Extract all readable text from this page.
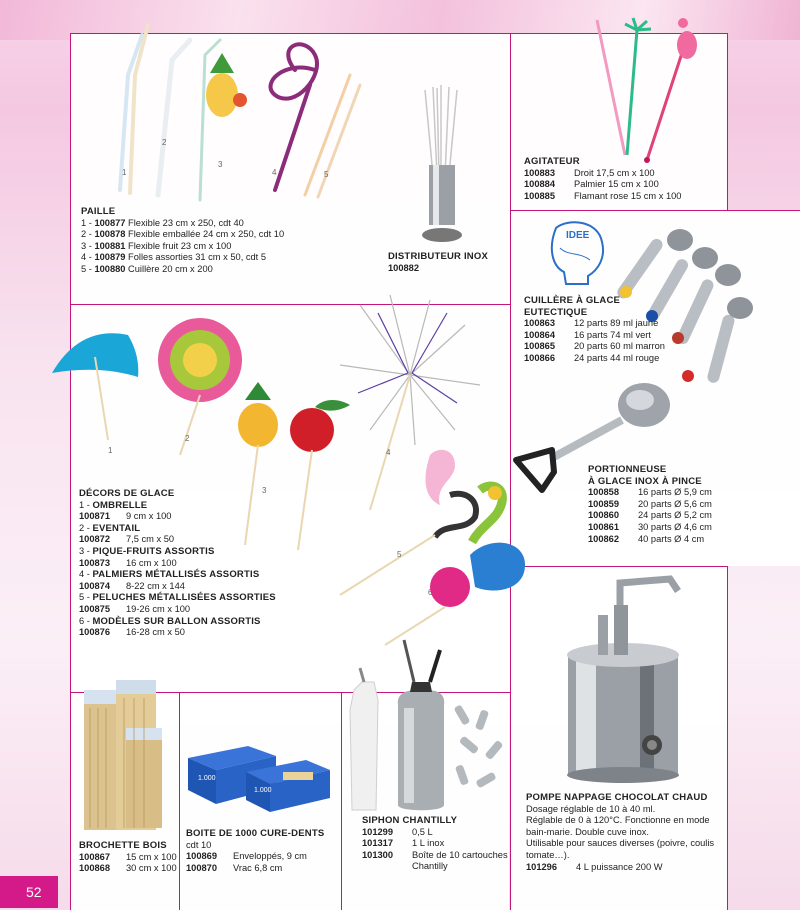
1
2
3
4	5
PAILLE
1 - 100877 Flexible 23 cm x 250, cdt 40
2 - 100878 Flexible emballée 24 cm x 250, cdt 10
3 - 100881 Flexible fruit 23 cm x 100
4 - 100879 Folles assorties 31 cm x 50, cdt 5
5 - 100880 Cuillère 20 cm x 200
DISTRIBUTEUR INOX
100882
AGITATEUR
100883 Droit 17,5 cm x 100
100884 Palmier 15 cm x 100
100885 Flamant rose 15 cm x 100
IDEE
CUILLÈRE À GLACE
EUTECTIQUE
100863 12 parts 89 ml jaune
100864 16 parts 74 ml vert
100865 20 parts 60 ml marron
100866 24 parts 44 ml rouge
PORTIONNEUSE
À GLACE INOX À PINCE
100858 16 parts Ø 5,9 cm
100859 20 parts Ø 5,6 cm
100860 24 parts Ø 5,2 cm
100861 30 parts Ø 4,6 cm
100862 40 parts Ø 4 cm
1
2
3
4
5
6
DÉCORS DE GLACE
1 - OMBRELLE
100871 9 cm x 100
2 - EVENTAIL
100872 7,5 cm x 50
3 - PIQUE-FRUITS ASSORTIS
100873 16 cm x 100
4 - PALMIERS MÉTALLISÉS ASSORTIS
100874 8-22 cm x 144
5 - PELUCHES MÉTALLISÉES ASSORTIES
100875 19-26 cm x 100
6 - MODÈLES SUR BALLON ASSORTIS
100876 16-28 cm x 50
BROCHETTE BOIS
100867 15 cm x 100
100868 30 cm x 100
1.000
1.000
BOITE DE 1000 CURE-DENTS
cdt 10
100869 Enveloppés, 9 cm
100870 Vrac 6,8 cm
SIPHON CHANTILLY
101299 0,5 L
101317 1 L inox
101300 Boîte de 10 cartouches
Chantilly
POMPE NAPPAGE CHOCOLAT CHAUD
Dosage réglable de 10 à 40 ml.
Réglable de 0 à 120°C. Fonctionne en mode
bain-marie. Double cuve inox.
Utilisable pour sauces diverses (poivre, coulis
tomate…).
101296 4 L puissance 200 W
52
